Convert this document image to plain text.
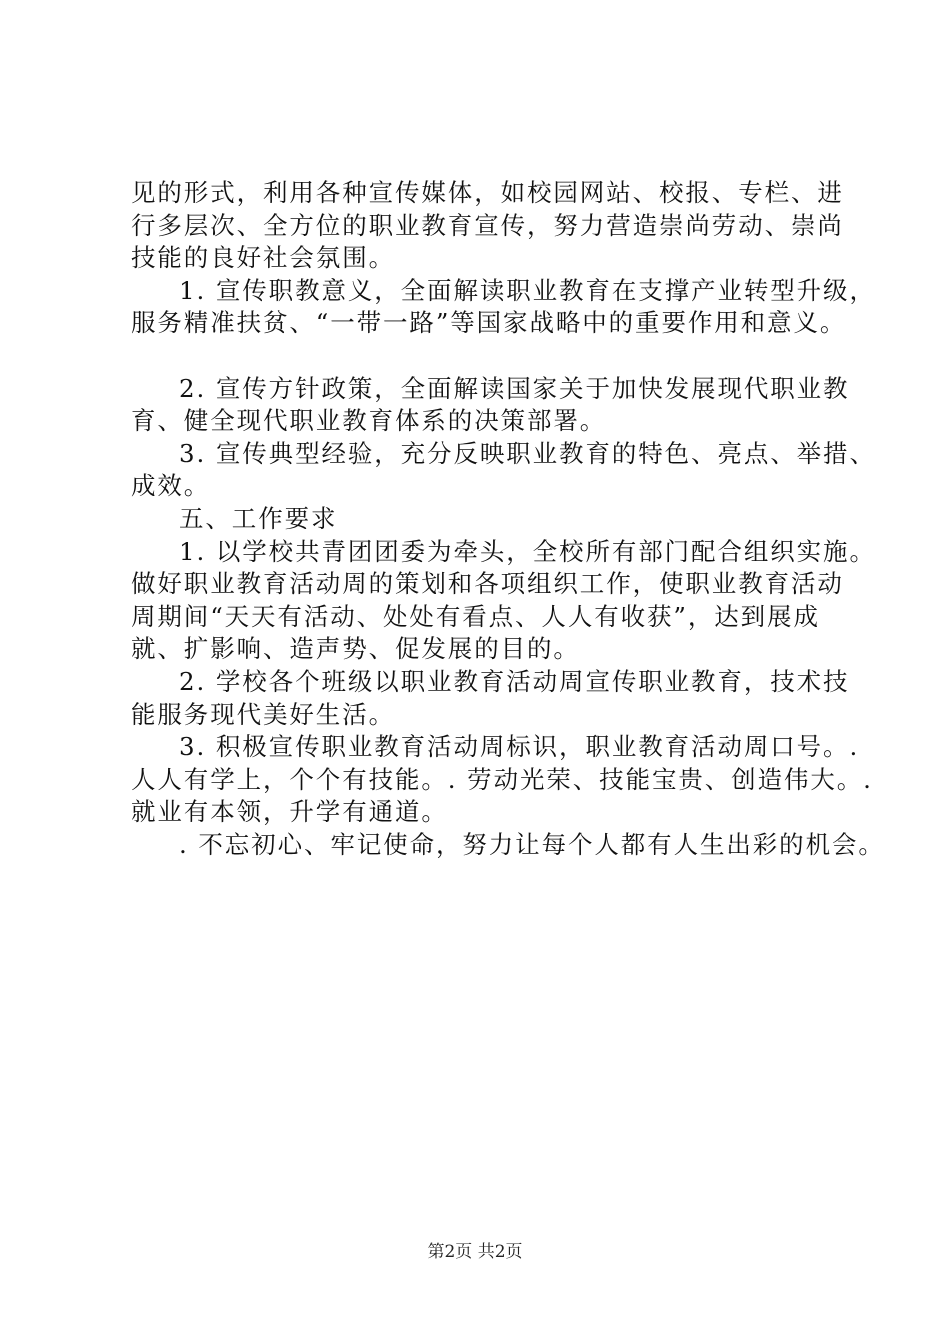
见的形式，利用各种宣传媒体，如校园网站、校报、专栏、进
行多层次、全方位的职业教育宣传，努力营造崇尚劳动、崇尚
技能的良好社会氛围。
1. 宣传职教意义，全面解读职业教育在支撑产业转型升级，
服务精准扶贫、“一带一路”等国家战略中的重要作用和意义。
2. 宣传方针政策，全面解读国家关于加快发展现代职业教
育、健全现代职业教育体系的决策部署。
3. 宣传典型经验，充分反映职业教育的特色、亮点、举措、
成效。
五、工作要求
1. 以学校共青团团委为牵头，全校所有部门配合组织实施。
做好职业教育活动周的策划和各项组织工作，使职业教育活动
周期间“天天有活动、处处有看点、人人有收获”，达到展成
就、扩影响、造声势、促发展的目的。
2. 学校各个班级以职业教育活动周宣传职业教育，技术技
能服务现代美好生活。
3. 积极宣传职业教育活动周标识，职业教育活动周口号。.
人人有学上，个个有技能。. 劳动光荣、技能宝贵、创造伟大。.
就业有本领，升学有通道。
. 不忘初心、牢记使命，努力让每个人都有人生出彩的机会。
第2页 共2页
